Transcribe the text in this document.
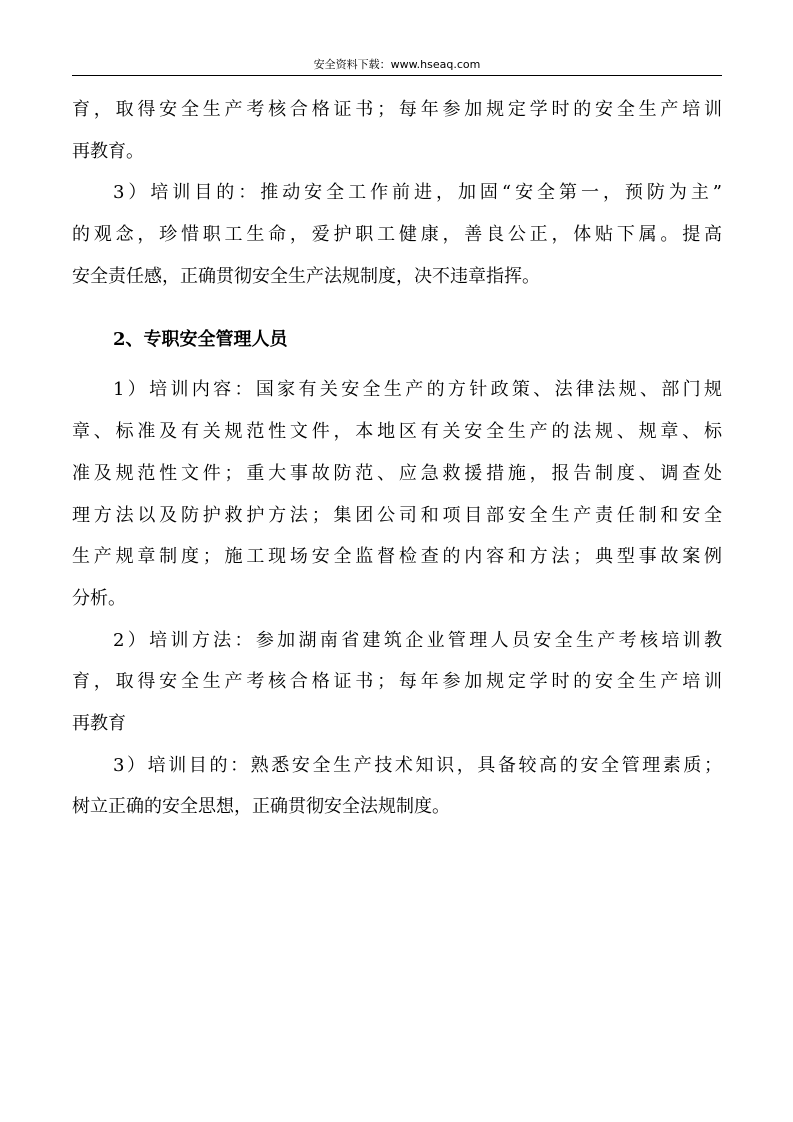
安全资料下载：www.hseaq.com
育，取得安全生产考核合格证书；每年参加规定学时的安全生产培训
再教育。
3）培训目的：推动安全工作前进，加固“安全第一，预防为主”
的观念，珍惜职工生命，爱护职工健康，善良公正，体贴下属。提高
安全责任感，正确贯彻安全生产法规制度，决不违章指挥。
2、专职安全管理人员
1）培训内容：国家有关安全生产的方针政策、法律法规、部门规
章、标准及有关规范性文件，本地区有关安全生产的法规、规章、标
准及规范性文件；重大事故防范、应急救援措施，报告制度、调查处
理方法以及防护救护方法；集团公司和项目部安全生产责任制和安全
生产规章制度；施工现场安全监督检查的内容和方法；典型事故案例
分析。
2）培训方法：参加湖南省建筑企业管理人员安全生产考核培训教
育，取得安全生产考核合格证书；每年参加规定学时的安全生产培训
再教育
3）培训目的：熟悉安全生产技术知识，具备较高的安全管理素质；
树立正确的安全思想，正确贯彻安全法规制度。
